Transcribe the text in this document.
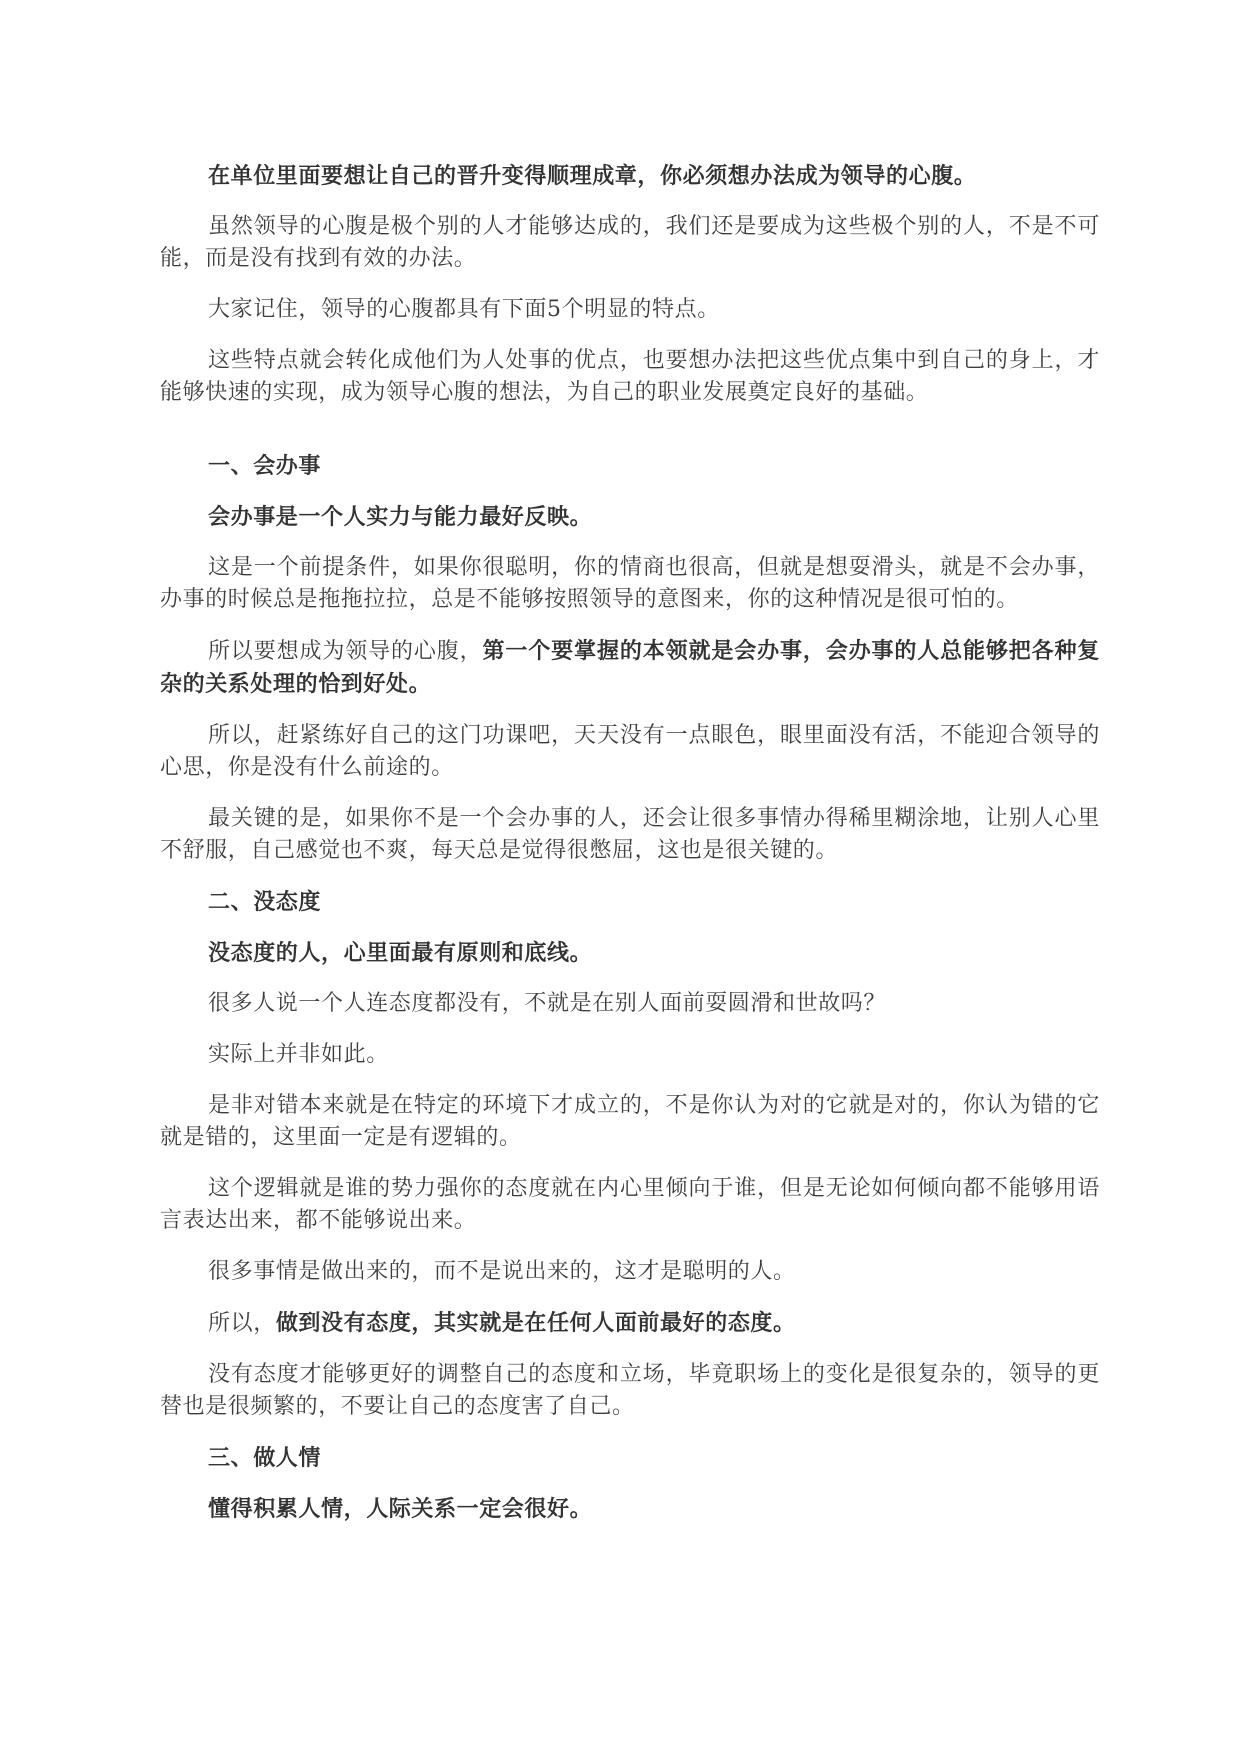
在单位里面要想让自己的晋升变得顺理成章，你必须想办法成为领导的心腹。

虽然领导的心腹是极个别的人才能够达成的，我们还是要成为这些极个别的人，不是不可能，而是没有找到有效的办法。

大家记住，领导的心腹都具有下面5个明显的特点。

这些特点就会转化成他们为人处事的优点，也要想办法把这些优点集中到自己的身上，才能够快速的实现，成为领导心腹的想法，为自己的职业发展奠定良好的基础。

一、会办事

会办事是一个人实力与能力最好反映。

这是一个前提条件，如果你很聪明，你的情商也很高，但就是想耍滑头，就是不会办事，办事的时候总是拖拖拉拉，总是不能够按照领导的意图来，你的这种情况是很可怕的。

所以要想成为领导的心腹，第一个要掌握的本领就是会办事，会办事的人总能够把各种复杂的关系处理的恰到好处。

所以，赶紧练好自己的这门功课吧，天天没有一点眼色，眼里面没有活，不能迎合领导的心思，你是没有什么前途的。

最关键的是，如果你不是一个会办事的人，还会让很多事情办得稀里糊涂地，让别人心里不舒服，自己感觉也不爽，每天总是觉得很憋屈，这也是很关键的。

二、没态度

没态度的人，心里面最有原则和底线。

很多人说一个人连态度都没有，不就是在别人面前耍圆滑和世故吗？

实际上并非如此。

是非对错本来就是在特定的环境下才成立的，不是你认为对的它就是对的，你认为错的它就是错的，这里面一定是有逻辑的。

这个逻辑就是谁的势力强你的态度就在内心里倾向于谁，但是无论如何倾向都不能够用语言表达出来，都不能够说出来。

很多事情是做出来的，而不是说出来的，这才是聪明的人。

所以，做到没有态度，其实就是在任何人面前最好的态度。

没有态度才能够更好的调整自己的态度和立场，毕竟职场上的变化是很复杂的，领导的更替也是很频繁的，不要让自己的态度害了自己。

三、做人情

懂得积累人情，人际关系一定会很好。
